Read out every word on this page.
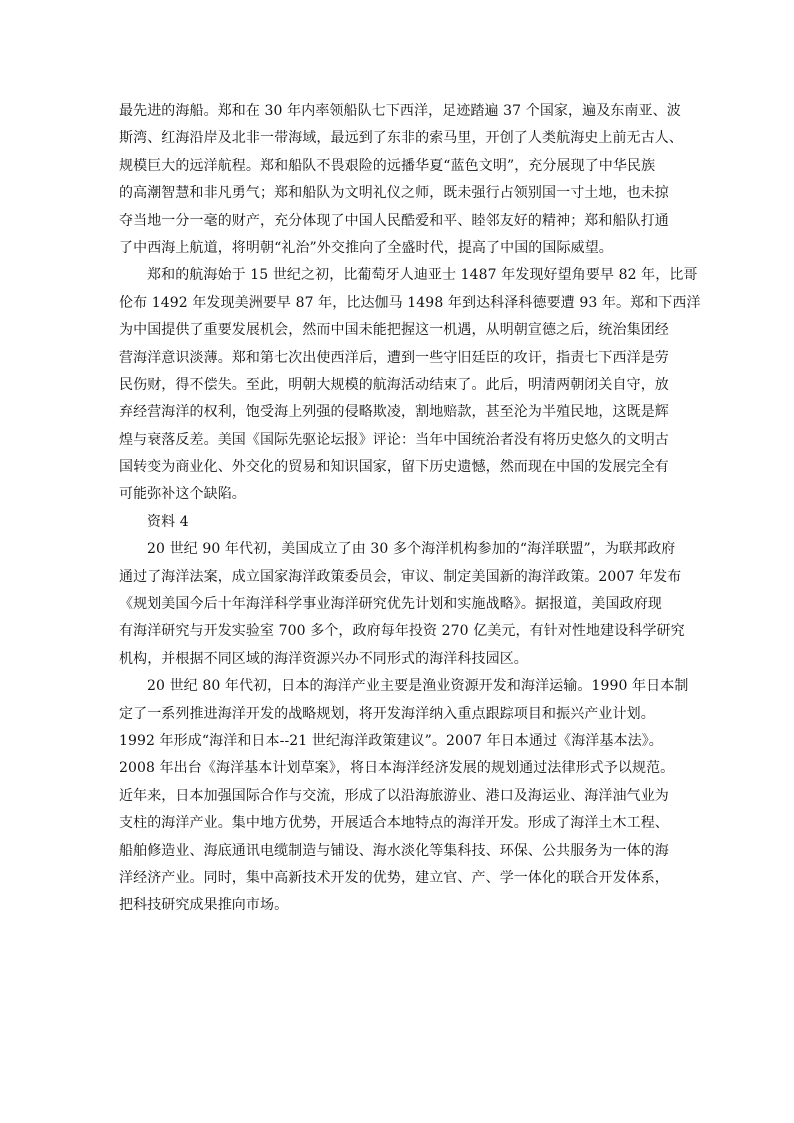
最先进的海船。郑和在 30 年内率领船队七下西洋，足迹踏遍 37 个国家，遍及东南亚、波
斯湾、红海沿岸及北非一带海域，最远到了东非的索马里，开创了人类航海史上前无古人、
规模巨大的远洋航程。郑和船队不畏艰险的远播华夏“蓝色文明”，充分展现了中华民族
的高潮智慧和非凡勇气；郑和船队为文明礼仪之师，既未强行占领别国一寸土地，也未掠
夺当地一分一毫的财产，充分体现了中国人民酷爱和平、睦邻友好的精神；郑和船队打通
了中西海上航道，将明朝“礼治”外交推向了全盛时代，提高了中国的国际威望。
郑和的航海始于 15 世纪之初，比葡萄牙人迪亚士 1487 年发现好望角要早 82 年，比哥
伦布 1492 年发现美洲要早 87 年，比达伽马 1498 年到达科泽科德要遭 93 年。郑和下西洋
为中国提供了重要发展机会，然而中国未能把握这一机遇，从明朝宣德之后，统治集团经
营海洋意识淡薄。郑和第七次出使西洋后，遭到一些守旧廷臣的攻讦，指责七下西洋是劳
民伤财，得不偿失。至此，明朝大规模的航海活动结束了。此后，明清两朝闭关自守，放
弃经营海洋的权利，饱受海上列强的侵略欺凌，割地赔款，甚至沦为半殖民地，这既是辉
煌与衰落反差。美国《国际先驱论坛报》评论：当年中国统治者没有将历史悠久的文明古
国转变为商业化、外交化的贸易和知识国家，留下历史遗憾，然而现在中国的发展完全有
可能弥补这个缺陷。
资料 4
20 世纪 90 年代初，美国成立了由 30 多个海洋机构参加的“海洋联盟”，为联邦政府
通过了海洋法案，成立国家海洋政策委员会，审议、制定美国新的海洋政策。2007 年发布
《规划美国今后十年海洋科学事业海洋研究优先计划和实施战略》。据报道，美国政府现
有海洋研究与开发实验室 700 多个，政府每年投资 270 亿美元，有针对性地建设科学研究
机构，并根据不同区域的海洋资源兴办不同形式的海洋科技园区。
20 世纪 80 年代初，日本的海洋产业主要是渔业资源开发和海洋运输。1990 年日本制
定了一系列推进海洋开发的战略规划，将开发海洋纳入重点跟踪项目和振兴产业计划。
1992 年形成“海洋和日本--21 世纪海洋政策建议”。2007 年日本通过《海洋基本法》。
2008 年出台《海洋基本计划草案》，将日本海洋经济发展的规划通过法律形式予以规范。
近年来，日本加强国际合作与交流，形成了以沿海旅游业、港口及海运业、海洋油气业为
支柱的海洋产业。集中地方优势，开展适合本地特点的海洋开发。形成了海洋土木工程、
船舶修造业、海底通讯电缆制造与铺设、海水淡化等集科技、环保、公共服务为一体的海
洋经济产业。同时，集中高新技术开发的优势，建立官、产、学一体化的联合开发体系，
把科技研究成果推向市场。
